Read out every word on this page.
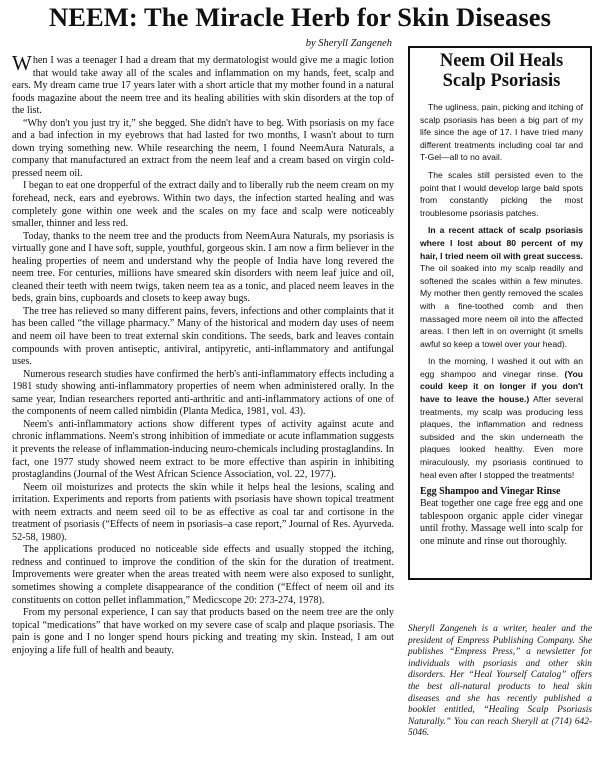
NEEM: The Miracle Herb for Skin Diseases
by Sheryll Zangeneh

When I was a teenager I had a dream that my dermatologist would give me a magic lotion that would take away all of the scales and inflammation on my hands, feet, scalp and ears. My dream came true 17 years later with a short article that my mother found in a natural foods magazine about the neem tree and its healing abilities with skin disorders at the top of the list.

“Why don't you just try it,” she begged. She didn't have to beg. With psoriasis on my face and a bad infection in my eyebrows that had lasted for two months, I wasn't about to turn down trying something new. While researching the neem, I found NeemAura Naturals, a company that manufactured an extract from the neem leaf and a cream based on virgin cold-pressed neem oil.

I began to eat one dropperful of the extract daily and to liberally rub the neem cream on my forehead, neck, ears and eyebrows. Within two days, the infection started healing and was completely gone within one week and the scales on my face and scalp were noticeably smaller, thinner and less red.

Today, thanks to the neem tree and the products from NeemAura Naturals, my psoriasis is virtually gone and I have soft, supple, youthful, gorgeous skin. I am now a firm believer in the healing properties of neem and understand why the people of India have long revered the neem tree. For centuries, millions have smeared skin disorders with neem leaf juice and oil, cleaned their teeth with neem twigs, taken neem tea as a tonic, and placed neem leaves in the beds, grain bins, cupboards and closets to keep away bugs.

The tree has relieved so many different pains, fevers, infections and other complaints that it has been called “the village pharmacy.” Many of the historical and modern day uses of neem and neem oil have been to treat external skin conditions. The seeds, bark and leaves contain compounds with proven antiseptic, antiviral, antipyretic, anti-inflammatory and antifungal uses.

Numerous research studies have confirmed the herb's anti-inflammatory effects including a 1981 study showing anti-inflammatory properties of neem when administered orally. In the same year, Indian researchers reported anti-arthritic and anti-inflammatory actions of one of the components of neem called nimbidin (Planta Medica, 1981, vol. 43).

Neem's anti-inflammatory actions show different types of activity against acute and chronic inflammations. Neem's strong inhibition of immediate or acute inflammation suggests it prevents the release of inflammation-inducing neuro-chemicals including prostaglandins. In fact, one 1977 study showed neem extract to be more effective than aspirin in inhibiting prostaglandins (Journal of the West African Science Association, vol. 22, 1977).

Neem oil moisturizes and protects the skin while it helps heal the lesions, scaling and irritation. Experiments and reports from patients with psoriasis have shown topical treatment with neem extracts and neem seed oil to be as effective as coal tar and cortisone in the treatment of psoriasis (“Effects of neem in psoriasis–a case report,” Journal of Res. Ayurveda. 52-58, 1980).

The applications produced no noticeable side effects and usually stopped the itching, redness and continued to improve the condition of the skin for the duration of treatment. Improvements were greater when the areas treated with neem were also exposed to sunlight, sometimes showing a complete disappearance of the condition (“Effect of neem oil and its constituents on cotton pellet inflammation,” Medicscope 20: 273-274, 1978).

From my personal experience, I can say that products based on the neem tree are the only topical “medications” that have worked on my severe case of scalp and plaque psoriasis. The pain is gone and I no longer spend hours picking and treating my skin. Instead, I am out enjoying a life full of health and beauty.

Neem Oil Heals
Scalp Psoriasis

The ugliness, pain, picking and itching of scalp psoriasis has been a big part of my life since the age of 17. I have tried many different treatments including coal tar and T-Gel—all to no avail.

The scales still persisted even to the point that I would develop large bald spots from constantly picking the most troublesome psoriasis patches.

In a recent attack of scalp psoriasis where I lost about 80 percent of my hair, I tried neem oil with great success. The oil soaked into my scalp readily and softened the scales within a few minutes. My mother then gently removed the scales with a fine-toothed comb and then massaged more neem oil into the affected areas. I then left in on overnight (it smells awful so keep a towel over your head).

In the morning, I washed it out with an egg shampoo and vinegar rinse. (You could keep it on longer if you don't have to leave the house.) After several treatments, my scalp was producing less plaques, the inflammation and redness subsided and the skin underneath the plaques looked healthy. Even more miraculously, my psoriasis continued to heal even after I stopped the treatments!

Egg Shampoo and Vinegar Rinse
Beat together one cage free egg and one tablespoon organic apple cider vinegar until frothy. Massage well into scalp for one minute and rinse out thoroughly.
Sheryll Zangeneh is a writer, healer and the president of Empress Publishing Company. She publishes “Empress Press,” a newsletter for individuals with psoriasis and other skin disorders. Her “Heal Yourself Catalog” offers the best all-natural products to heal skin diseases and she has recently published a booklet entitled, “Healing Scalp Psoriasis Naturally.” You can reach Sheryll at (714) 642-5046.
